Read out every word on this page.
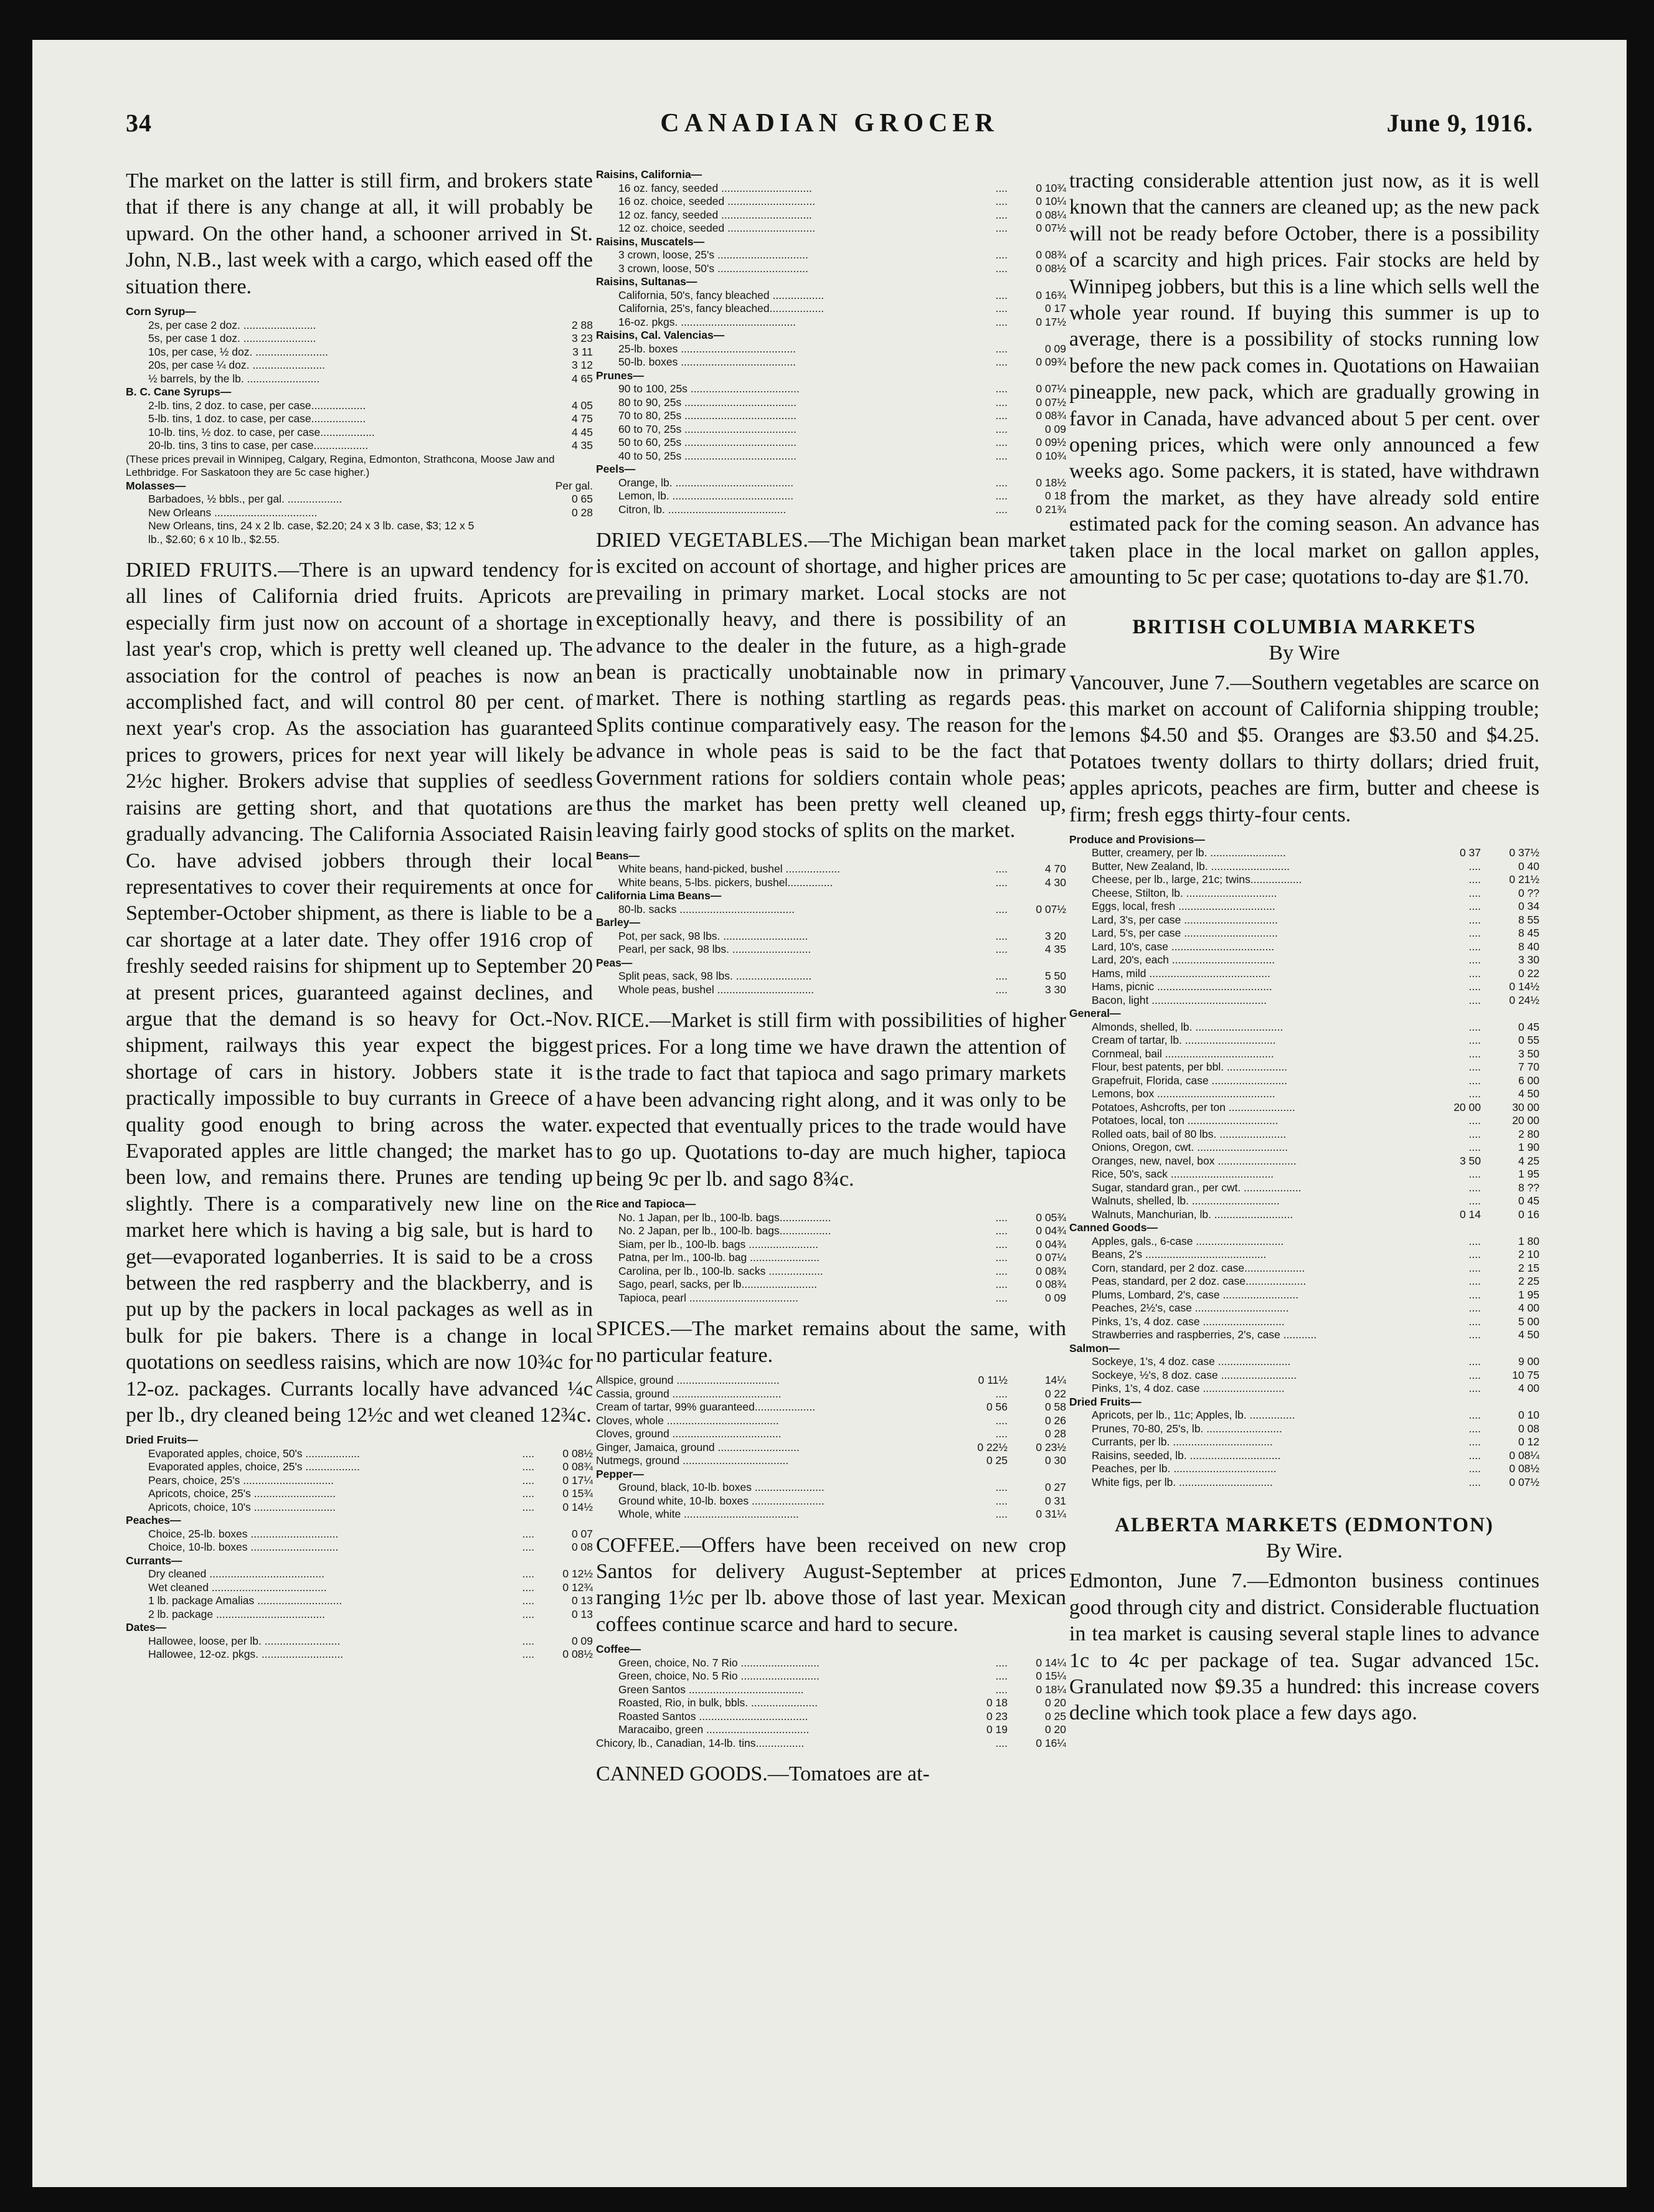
34	CANADIAN GROCER	June 9, 1916.

The market on the latter is still firm, and brokers state that if there is any change at all, it will probably be upward. On the other hand, a schooner arrived in St. John, N.B., last week with a cargo, which eased off the situation there.

Corn Syrup—		
2s, per case 2 doz. ........................		2 88
5s, per case 1 doz. ........................		3 23
10s, per case, ½ doz. ........................		3 11
20s, per case ¼ doz. ........................		3 12
½ barrels, by the lb. ........................		4 65
B. C. Cane Syrups—		
2-lb. tins, 2 doz. to case, per case..................		4 05
5-lb. tins, 1 doz. to case, per case..................		4 75
10-lb. tins, ½ doz. to case, per case..................		4 45
20-lb. tins, 3 tins to case, per case..................		4 35
(These prices prevail in Winnipeg, Calgary, Regina, Edmonton, Strathcona, Moose Jaw and Lethbridge. For Saskatoon they are 5c case higher.)		
Molasses—		Per gal.
Barbadoes, ½ bbls., per gal. ..................		0 65
New Orleans ..................................		0 28
New Orleans, tins, 24 x 2 lb. case, $2.20; 24 x 3 lb. case, $3; 12 x 5 lb., $2.60; 6 x 10 lb., $2.55.		

DRIED FRUITS.—There is an upward tendency for all lines of California dried fruits. Apricots are especially firm just now on account of a shortage in last year's crop, which is pretty well cleaned up. The association for the control of peaches is now an accomplished fact, and will control 80 per cent. of next year's crop. As the association has guaranteed prices to growers, prices for next year will likely be 2½c higher. Brokers advise that supplies of seedless raisins are getting short, and that quotations are gradually advancing. The California Associated Raisin Co. have advised jobbers through their local representatives to cover their requirements at once for September-October shipment, as there is liable to be a car shortage at a later date. They offer 1916 crop of freshly seeded raisins for shipment up to September 20 at present prices, guaranteed against declines, and argue that the demand is so heavy for Oct.-Nov. shipment, railways this year expect the biggest shortage of cars in history. Jobbers state it is practically impossible to buy currants in Greece of a quality good enough to bring across the water. Evaporated apples are little changed; the market has been low, and remains there. Prunes are tending up slightly. There is a comparatively new line on the market here which is having a big sale, but is hard to get—evaporated loganberries. It is said to be a cross between the red raspberry and the blackberry, and is put up by the packers in local packages as well as in bulk for pie bakers. There is a change in local quotations on seedless raisins, which are now 10¾c for 12-oz. packages. Currants locally have advanced ¼c per lb., dry cleaned being 12½c and wet cleaned 12¾c.

Dried Fruits—		
Evaporated apples, choice, 50's ..................	....	0 08½
Evaporated apples, choice, 25's ..................	....	0 08¾
Pears, choice, 25's ..............................	....	0 17¼
Apricots, choice, 25's ...........................	....	0 15¾
Apricots, choice, 10's ...........................	....	0 14½
Peaches—		
Choice, 25-lb. boxes .............................	....	0 07
Choice, 10-lb. boxes .............................	....	0 08
Currants—		
Dry cleaned ......................................	....	0 12½
Wet cleaned ......................................	....	0 12¾
1 lb. package Amalias ............................	....	0 13
2 lb. package ....................................	....	0 13
Dates—		
Hallowee, loose, per lb. .........................	....	0 09
Hallowee, 12-oz. pkgs. ...........................	....	0 08½
Raisins, California—		
16 oz. fancy, seeded ..............................	....	0 10¾
16 oz. choice, seeded .............................	....	0 10¼
12 oz. fancy, seeded ..............................	....	0 08¼
12 oz. choice, seeded .............................	....	0 07½
Raisins, Muscatels—		
3 crown, loose, 25's ..............................	....	0 08¾
3 crown, loose, 50's ..............................	....	0 08½
Raisins, Sultanas—		
California, 50's, fancy bleached .................	....	0 16¾
California, 25's, fancy bleached..................	....	0 17
16-oz. pkgs. ......................................	....	0 17½
Raisins, Cal. Valencias—		
25-lb. boxes ......................................	....	0 09
50-lb. boxes ......................................	....	0 09¾
Prunes—		
90 to 100, 25s ....................................	....	0 07¼
80 to 90, 25s .....................................	....	0 07½
70 to 80, 25s .....................................	....	0 08¾
60 to 70, 25s .....................................	....	0 09
50 to 60, 25s .....................................	....	0 09½
40 to 50, 25s .....................................	....	0 10¾
Peels—		
Orange, lb. .......................................	....	0 18½
Lemon, lb. ........................................	....	0 18
Citron, lb. .......................................	....	0 21¾

DRIED VEGETABLES.—The Michigan bean market is excited on account of shortage, and higher prices are prevailing in primary market. Local stocks are not exceptionally heavy, and there is possibility of an advance to the dealer in the future, as a high-grade bean is practically unobtainable now in primary market. There is nothing startling as regards peas. Splits continue comparatively easy. The reason for the advance in whole peas is said to be the fact that Government rations for soldiers contain whole peas; thus the market has been pretty well cleaned up, leaving fairly good stocks of splits on the market.

Beans—		
White beans, hand-picked, bushel ..................	....	4 70
White beans, 5-lbs. pickers, bushel...............	....	4 30
California Lima Beans—		
80-lb. sacks ......................................	....	0 07½
Barley—		
Pot, per sack, 98 lbs. ............................	....	3 20
Pearl, per sack, 98 lbs. ..........................	....	4 35
Peas—		
Split peas, sack, 98 lbs. .........................	....	5 50
Whole peas, bushel ................................	....	3 30

RICE.—Market is still firm with possibilities of higher prices. For a long time we have drawn the attention of the trade to fact that tapioca and sago primary markets have been advancing right along, and it was only to be expected that eventually prices to the trade would have to go up. Quotations to-day are much higher, tapioca being 9c per lb. and sago 8¾c.

Rice and Tapioca—		
No. 1 Japan, per lb., 100-lb. bags.................	....	0 05¾
No. 2 Japan, per lb., 100-lb. bags.................	....	0 04¾
Siam, per lb., 100-lb. bags .......................	....	0 04¾
Patna, per lm., 100-lb. bag .......................	....	0 07¼
Carolina, per lb., 100-lb. sacks ..................	....	0 08¾
Sago, pearl, sacks, per lb.........................	....	0 08¾
Tapioca, pearl ....................................	....	0 09

SPICES.—The market remains about the same, with no particular feature.

Allspice, ground ..................................	0 11½	14¼
Cassia, ground ....................................	....	0 22
Cream of tartar, 99% guaranteed....................	0 56	0 58
Cloves, whole .....................................	....	0 26
Cloves, ground ....................................	....	0 28
Ginger, Jamaica, ground ...........................	0 22½	0 23½
Nutmegs, ground ...................................	0 25	0 30
Pepper—		
Ground, black, 10-lb. boxes .......................	....	0 27
Ground white, 10-lb. boxes ........................	....	0 31
Whole, white ......................................	....	0 31¼

COFFEE.—Offers have been received on new crop Santos for delivery August-September at prices ranging 1½c per lb. above those of last year. Mexican coffees continue scarce and hard to secure.

Coffee—		
Green, choice, No. 7 Rio ..........................	....	0 14¼
Green, choice, No. 5 Rio ..........................	....	0 15¼
Green Santos ......................................	....	0 18¼
Roasted, Rio, in bulk, bbls. ......................	0 18	0 20
Roasted Santos ....................................	0 23	0 25
Maracaibo, green ..................................	0 19	0 20
Chicory, lb., Canadian, 14-lb. tins................	....	0 16¼

CANNED GOODS.—Tomatoes are at-

tracting considerable attention just now, as it is well known that the canners are cleaned up; as the new pack will not be ready before October, there is a possibility of a scarcity and high prices. Fair stocks are held by Winnipeg jobbers, but this is a line which sells well the whole year round. If buying this summer is up to average, there is a possibility of stocks running low before the new pack comes in. Quotations on Hawaiian pineapple, new pack, which are gradually growing in favor in Canada, have advanced about 5 per cent. over opening prices, which were only announced a few weeks ago. Some packers, it is stated, have withdrawn from the market, as they have already sold entire estimated pack for the coming season. An advance has taken place in the local market on gallon apples, amounting to 5c per case; quotations to-day are $1.70.

BRITISH COLUMBIA MARKETS
By Wire

Vancouver, June 7.—Southern vegetables are scarce on this market on account of California shipping trouble; lemons $4.50 and $5. Oranges are $3.50 and $4.25. Potatoes twenty dollars to thirty dollars; dried fruit, apples apricots, peaches are firm, butter and cheese is firm; fresh eggs thirty-four cents.

Produce and Provisions—		
Butter, creamery, per lb. .........................	0 37	0 37½
Butter, New Zealand, lb. ..........................	....	0 40
Cheese, per lb., large, 21c; twins.................	....	0 21½
Cheese, Stilton, lb. ..............................	....	0 ??
Eggs, local, fresh ................................	....	0 34
Lard, 3's, per case ...............................	....	8 55
Lard, 5's, per case ...............................	....	8 45
Lard, 10's, case ..................................	....	8 40
Lard, 20's, each ..................................	....	3 30
Hams, mild ........................................	....	0 22
Hams, picnic ......................................	....	0 14½
Bacon, light ......................................	....	0 24½
General—		
Almonds, shelled, lb. .............................	....	0 45
Cream of tartar, lb. ..............................	....	0 55
Cornmeal, bail ....................................	....	3 50
Flour, best patents, per bbl. ....................	....	7 70
Grapefruit, Florida, case .........................	....	6 00
Lemons, box .......................................	....	4 50
Potatoes, Ashcrofts, per ton ......................	20 00	30 00
Potatoes, local, ton ..............................	....	20 00
Rolled oats, bail of 80 lbs. ......................	....	2 80
Onions, Oregon, cwt. ..............................	....	1 90
Oranges, new, navel, box ..........................	3 50	4 25
Rice, 50's, sack ..................................	....	1 95
Sugar, standard gran., per cwt. ...................	....	8 ??
Walnuts, shelled, lb. .............................	....	0 45
Walnuts, Manchurian, lb. ..........................	0 14	0 16
Canned Goods—		
Apples, gals., 6-case .............................	....	1 80
Beans, 2's ........................................	....	2 10
Corn, standard, per 2 doz. case....................	....	2 15
Peas, standard, per 2 doz. case....................	....	2 25
Plums, Lombard, 2's, case .........................	....	1 95
Peaches, 2½'s, case ...............................	....	4 00
Pinks, 1's, 4 doz. case ...........................	....	5 00
Strawberries and raspberries, 2's, case ...........	....	4 50
Salmon—		
Sockeye, 1's, 4 doz. case ........................	....	9 00
Sockeye, ½'s, 8 doz. case .........................	....	10 75
Pinks, 1's, 4 doz. case ...........................	....	4 00
Dried Fruits—		
Apricots, per lb., 11c; Apples, lb. ...............	....	0 10
Prunes, 70-80, 25's, lb. .........................	....	0 08
Currants, per lb. .................................	....	0 12
Raisins, seeded, lb. ..............................	....	0 08¼
Peaches, per lb. ..................................	....	0 08½
White figs, per lb. ...............................	....	0 07½
ALBERTA MARKETS (EDMONTON)
By Wire.

Edmonton, June 7.—Edmonton business continues good through city and district. Considerable fluctuation in tea market is causing several staple lines to advance 1c to 4c per package of tea. Sugar advanced 15c. Granulated now $9.35 a hundred: this increase covers decline which took place a few days ago.
